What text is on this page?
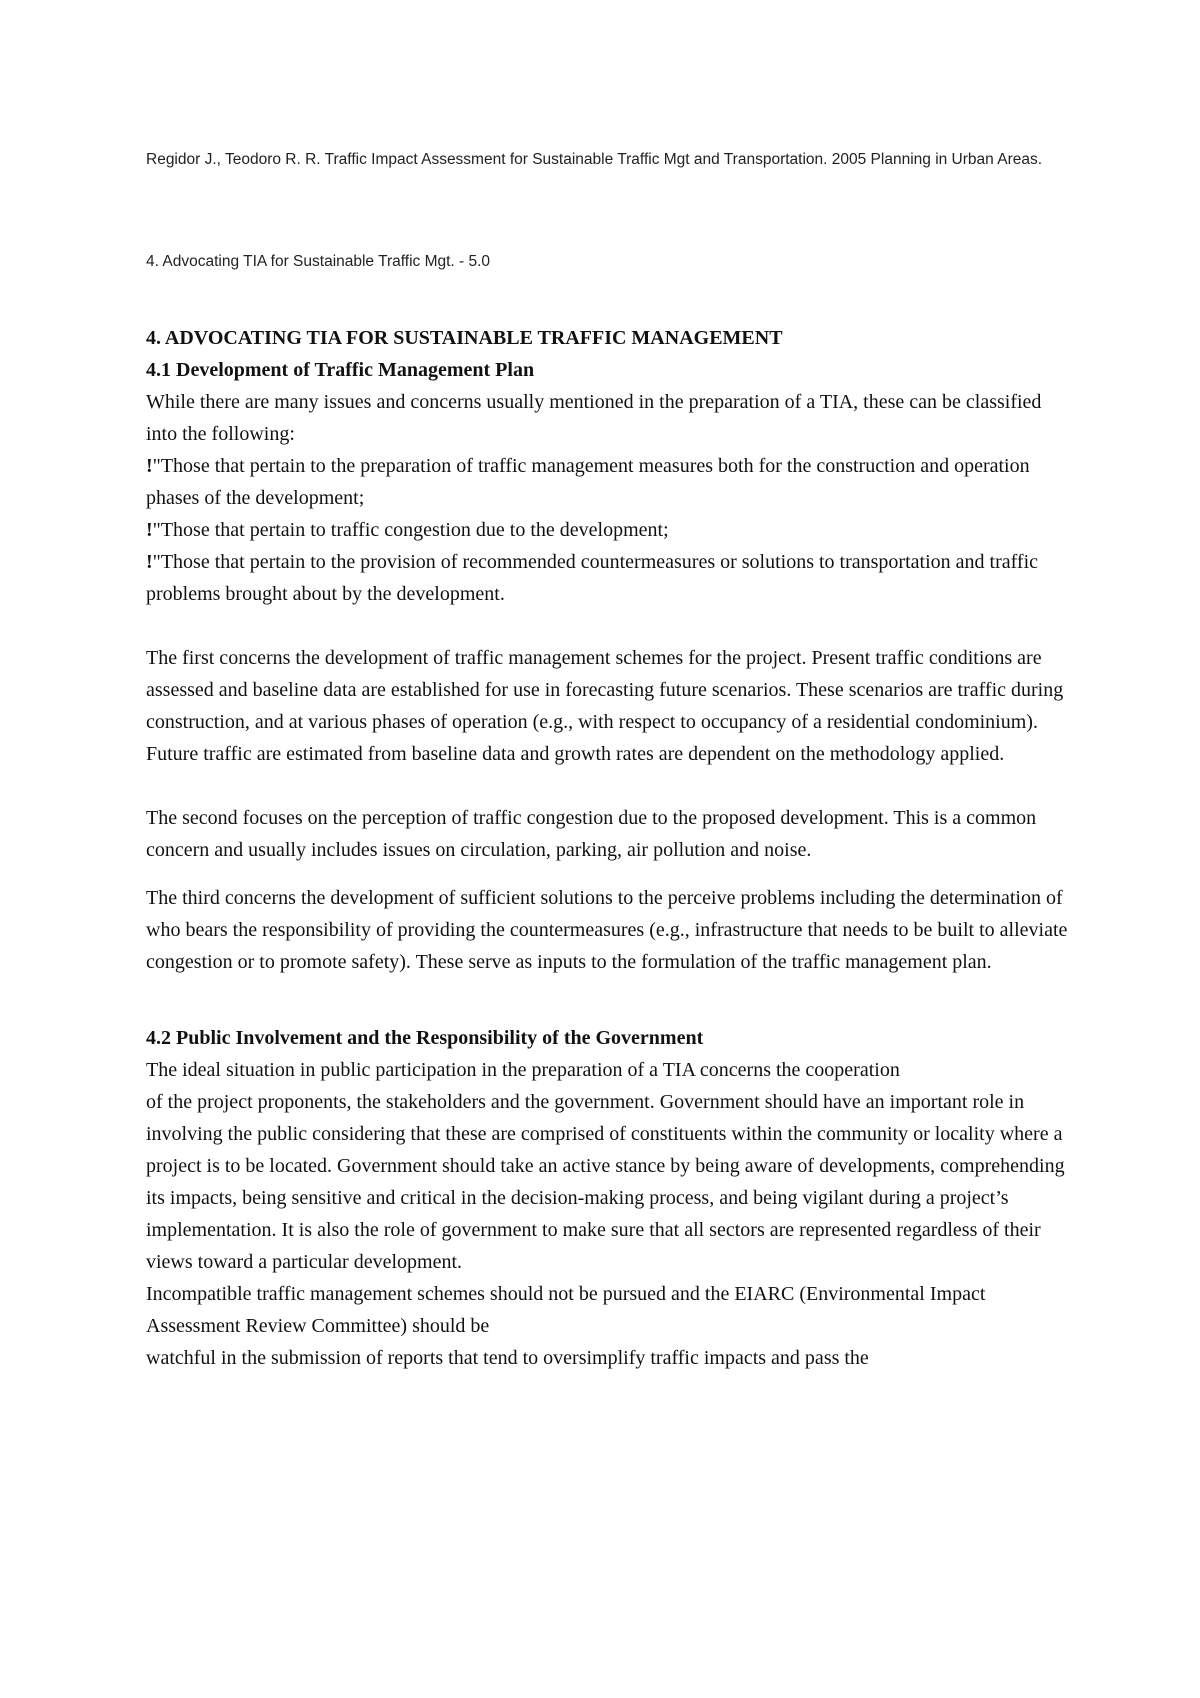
Regidor J., Teodoro R. R. Traffic Impact Assessment for Sustainable Traffic Mgt and Transportation. 2005 Planning in Urban Areas.
4. Advocating TIA for Sustainable Traffic Mgt. - 5.0

4. ADVOCATING TIA FOR SUSTAINABLE TRAFFIC MANAGEMENT

4.1 Development of Traffic Management Plan

While there are many issues and concerns usually mentioned in the preparation of a TIA, these can be classified into the following:

!"Those that pertain to the preparation of traffic management measures both for the construction and operation phases of the development;

!"Those that pertain to traffic congestion due to the development;

!"Those that pertain to the provision of recommended countermeasures or solutions to transportation and traffic problems brought about by the development.

The first concerns the development of traffic management schemes for the project. Present traffic conditions are assessed and baseline data are established for use in forecasting future scenarios. These scenarios are traffic during construction, and at various phases of operation (e.g., with respect to occupancy of a residential condominium). Future traffic are estimated from baseline data and growth rates are dependent on the methodology applied.

The second focuses on the perception of traffic congestion due to the proposed development. This is a common concern and usually includes issues on circulation, parking, air pollution and noise.

The third concerns the development of sufficient solutions to the perceive problems including the determination of who bears the responsibility of providing the countermeasures (e.g., infrastructure that needs to be built to alleviate congestion or to promote safety). These serve as inputs to the formulation of the traffic management plan.

4.2 Public Involvement and the Responsibility of the Government

The ideal situation in public participation in the preparation of a TIA concerns the cooperation

of the project proponents, the stakeholders and the government. Government should have an important role in involving the public considering that these are comprised of constituents within the community or locality where a project is to be located. Government should take an active stance by being aware of developments, comprehending its impacts, being sensitive and critical in the decision-making process, and being vigilant during a project’s implementation. It is also the role of government to make sure that all sectors are represented regardless of their views toward a particular development.

Incompatible traffic management schemes should not be pursued and the EIARC (Environmental Impact Assessment Review Committee) should be

watchful in the submission of reports that tend to oversimplify traffic impacts and pass the
